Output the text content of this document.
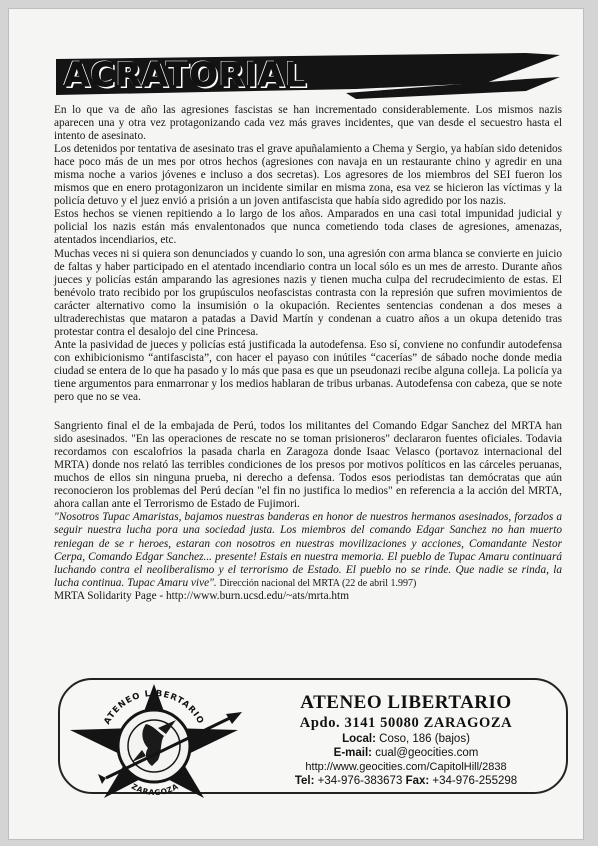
ACRATORIAL

En lo que va de año las agresiones fascistas se han incrementado considerablemente. Los mismos nazis aparecen una y otra vez protagonizando cada vez más graves incidentes, que van desde el secuestro hasta el intento de asesinato.

Los detenidos por tentativa de asesinato tras el grave apuñalamiento a Chema y Sergio, ya habían sido detenidos hace poco más de un mes por otros hechos (agresiones con navaja en un restaurante chino y agredir en una misma noche a varios jóvenes e incluso a dos secretas). Los agresores de los miembros del SEI fueron los mismos que en enero protagonizaron un incidente similar en misma zona, esa vez se hicieron las víctimas y la policía detuvo y el juez envió a prisión a un joven antifascista que había sido agredido por los nazis.

Estos hechos se vienen repitiendo a lo largo de los años. Amparados en una casi total impunidad judicial y policial los nazis están más envalentonados que nunca cometiendo toda clases de agresiones, amenazas, atentados incendiarios, etc.

Muchas veces ni si quiera son denunciados y cuando lo son, una agresión con arma blanca se convierte en juicio de faltas y haber participado en el atentado incendiario contra un local sólo es un mes de arresto. Durante años jueces y policías están amparando las agresiones nazis y tienen mucha culpa del recrudecimiento de estas. El benévolo trato recibido por los grupúsculos neofascistas contrasta con la represión que sufren movimientos de carácter alternativo como la insumisión o la okupación. Recientes sentencias condenan a dos meses a ultraderechistas que mataron a patadas a David Martín y condenan a cuatro años a un okupa detenido tras protestar contra el desalojo del cine Princesa.

Ante la pasividad de jueces y policías está justificada la autodefensa. Eso sí, conviene no confundir autodefensa con exhibicionismo “antifascista”, con hacer el payaso con inútiles “cacerías” de sábado noche donde media ciudad se entera de lo que ha pasado y lo más que pasa es que un pseudonazi recibe alguna colleja. La policía ya tiene argumentos para enmarronar y los medios hablaran de tribus urbanas. Autodefensa con cabeza, que se note pero que no se vea.

Sangriento final el de la embajada de Perú, todos los militantes del Comando Edgar Sanchez del MRTA han sido asesinados. "En las operaciones de rescate no se toman prisioneros" declararon fuentes oficiales. Todavia recordamos con escalofrios la pasada charla en Zaragoza donde Isaac Velasco (portavoz internacional del MRTA) donde nos relató las terribles condiciones de los presos por motivos políticos en las cárceles peruanas, muchos de ellos sin ninguna prueba, ni derecho a defensa. Todos esos periodistas tan demócratas que aún reconocieron los problemas del Perú decían "el fin no justifica lo medios" en referencia a la acción del MRTA, ahora callan ante el Terrorismo de Estado de Fujimori.

"Nosotros Tupac Amaristas, bajamos nuestras banderas en honor de nuestros hermanos asesinados, forzados a seguir nuestra lucha pora una sociedad justa. Los miembros del comando Edgar Sanchez no han muerto reniegan de se r heroes, estaran con nosotros en nuestras movilizaciones y acciones, Comandante Nestor Cerpa, Comando Edgar Sanchez... presente! Estais en nuestra memoria. El pueblo de Tupac Amaru continuará luchando contra el neoliberalismo y el terrorismo de Estado. El pueblo no se rinde. Que nadie se rinda, la lucha continua. Tupac Amaru vive". Dirección nacional del MRTA (22 de abril 1.997)

MRTA Solidarity Page - http://www.burn.ucsd.edu/~ats/mrta.htm

ATENEO LIBERTARIO
ZARAGOZA
ATENEO LIBERTARIO
Apdo. 3141 50080 ZARAGOZA
Local: Coso, 186 (bajos)
E-mail: cual@geocities.com
http://www.geocities.com/CapitolHill/2838
Tel: +34-976-383673 Fax: +34-976-255298
